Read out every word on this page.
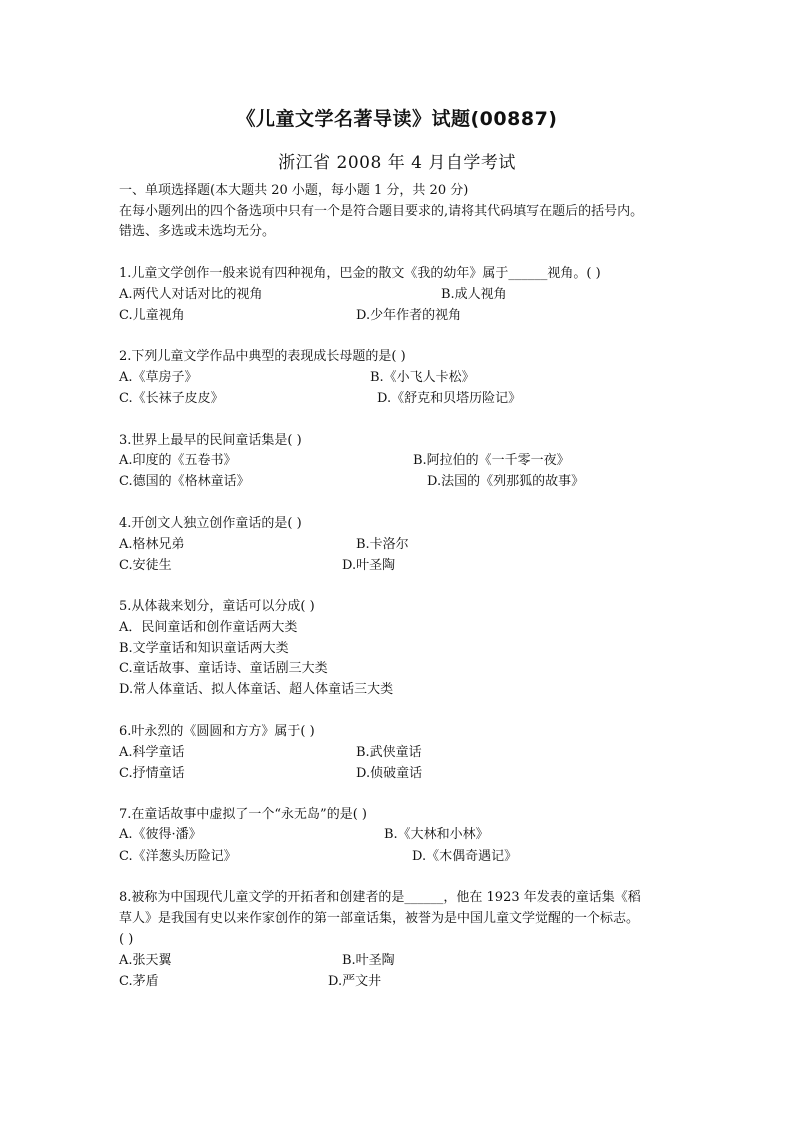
《儿童文学名著导读》试题(00887)
浙江省 2008 年 4 月自学考试
一、单项选择题(本大题共 20 小题，每小题 1 分，共 20 分)
在每小题列出的四个备选项中只有一个是符合题目要求的,请将其代码填写在题后的括号内。
错选、多选或未选均无分。
1.儿童文学创作一般来说有四种视角，巴金的散文《我的幼年》属于______视角。( )
A.两代人对话对比的视角	B.成人视角
C.儿童视角	D.少年作者的视角
2.下列儿童文学作品中典型的表现成长母题的是( )
A.《草房子》	B.《小飞人卡松》
C.《长袜子皮皮》	D.《舒克和贝塔历险记》
3.世界上最早的民间童话集是( )
A.印度的《五卷书》	B.阿拉伯的《一千零一夜》
C.德国的《格林童话》	D.法国的《列那狐的故事》
4.开创文人独立创作童话的是( )
A.格林兄弟	B.卡洛尔
C.安徒生	D.叶圣陶
5.从体裁来划分，童话可以分成( )
A．民间童话和创作童话两大类
B.文学童话和知识童话两大类
C.童话故事、童话诗、童话剧三大类
D.常人体童话、拟人体童话、超人体童话三大类
6.叶永烈的《圆圆和方方》属于( )
A.科学童话	B.武侠童话
C.抒情童话	D.侦破童话
7.在童话故事中虚拟了一个“永无岛”的是( )
A.《彼得·潘》	B.《大林和小林》
C.《洋葱头历险记》	D.《木偶奇遇记》
8.被称为中国现代儿童文学的开拓者和创建者的是______，他在 1923 年发表的童话集《稻
草人》是我国有史以来作家创作的第一部童话集，被誉为是中国儿童文学觉醒的一个标志。
( )
A.张天翼	B.叶圣陶
C.茅盾	D.严文井
